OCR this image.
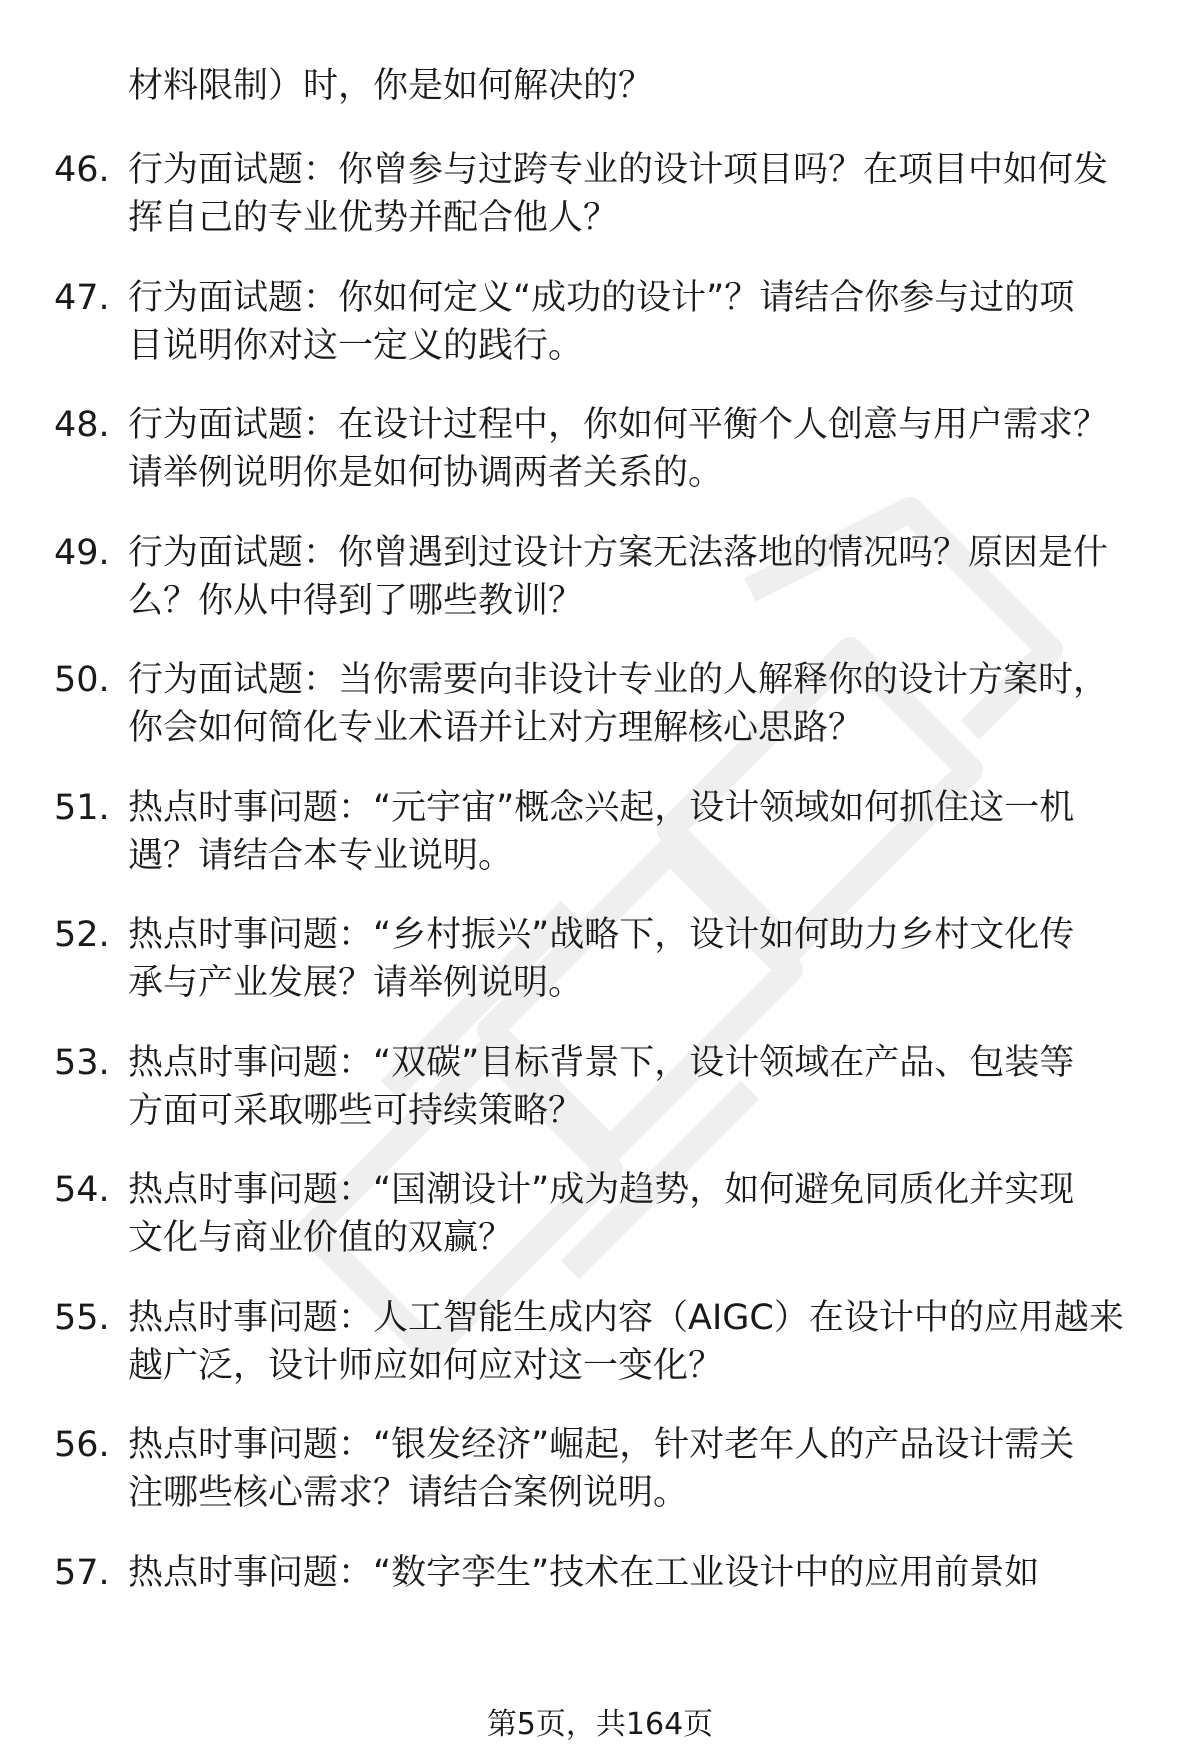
材料限制）时，你是如何解决的？
46. 行为面试题：你曾参与过跨专业的设计项目吗？在项目中如何发
挥自己的专业优势并配合他人？
47. 行为面试题：你如何定义“成功的设计”？请结合你参与过的项
目说明你对这一定义的践行。
48. 行为面试题：在设计过程中，你如何平衡个人创意与用户需求？
请举例说明你是如何协调两者关系的。
49. 行为面试题：你曾遇到过设计方案无法落地的情况吗？原因是什
么？你从中得到了哪些教训？
50. 行为面试题：当你需要向非设计专业的人解释你的设计方案时，
你会如何简化专业术语并让对方理解核心思路？
51. 热点时事问题：“元宇宙”概念兴起，设计领域如何抓住这一机
遇？请结合本专业说明。
52. 热点时事问题：“乡村振兴”战略下，设计如何助力乡村文化传
承与产业发展？请举例说明。
53. 热点时事问题：“双碳”目标背景下，设计领域在产品、包装等
方面可采取哪些可持续策略？
54. 热点时事问题：“国潮设计”成为趋势，如何避免同质化并实现
文化与商业价值的双赢？
55. 热点时事问题：人工智能生成内容（AIGC）在设计中的应用越来
越广泛，设计师应如何应对这一变化？
56. 热点时事问题：“银发经济”崛起，针对老年人的产品设计需关
注哪些核心需求？请结合案例说明。
57. 热点时事问题：“数字孪生”技术在工业设计中的应用前景如
第5页，共164页
